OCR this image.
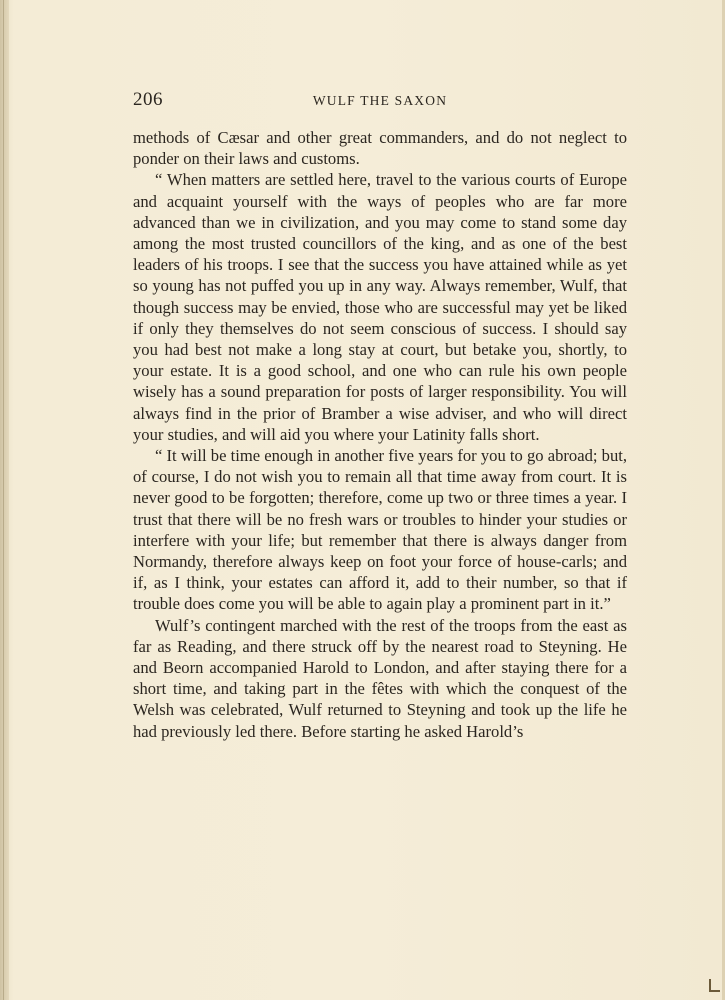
206	WULF THE SAXON

methods of Cæsar and other great commanders, and do not neglect to ponder on their laws and customs.

“ When matters are settled here, travel to the various courts of Europe and acquaint yourself with the ways of peoples who are far more advanced than we in civilization, and you may come to stand some day among the most trusted councillors of the king, and as one of the best leaders of his troops. I see that the success you have attained while as yet so young has not puffed you up in any way. Always remember, Wulf, that though success may be envied, those who are successful may yet be liked if only they themselves do not seem conscious of success. I should say you had best not make a long stay at court, but betake you, shortly, to your estate. It is a good school, and one who can rule his own people wisely has a sound preparation for posts of larger responsibility. You will always find in the prior of Bramber a wise adviser, and who will direct your studies, and will aid you where your Latinity falls short.

“ It will be time enough in another five years for you to go abroad; but, of course, I do not wish you to remain all that time away from court. It is never good to be forgotten; therefore, come up two or three times a year. I trust that there will be no fresh wars or troubles to hinder your studies or interfere with your life; but remember that there is always danger from Normandy, therefore always keep on foot your force of house-carls; and if, as I think, your estates can afford it, add to their number, so that if trouble does come you will be able to again play a prominent part in it.”

Wulf’s contingent marched with the rest of the troops from the east as far as Reading, and there struck off by the nearest road to Steyning. He and Beorn accompanied Harold to London, and after staying there for a short time, and taking part in the fêtes with which the conquest of the Welsh was celebrated, Wulf returned to Steyning and took up the life he had previously led there. Before starting he asked Harold’s
